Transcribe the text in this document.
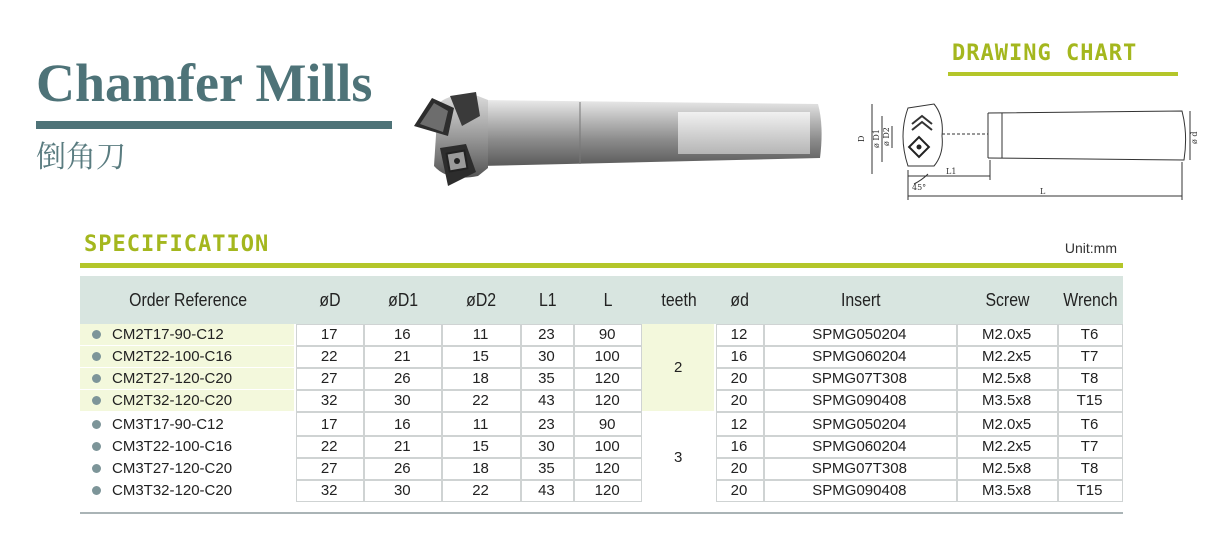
Chamfer Mills
倒角刀
DRAWING CHART
D ø D1 ø D2	ø d
L1
L
45°
SPECIFICATION	Unit:mm
Order Reference	øD	øD1	øD2	L1	L	teeth	ød	Insert	Screw	Wrench
CM2T17-90-C12	17	16	11	23	90	2	12	SPMG050204	M2.0x5	T6
CM2T22-100-C16	22	21	15	30	100		16	SPMG060204	M2.2x5	T7
CM2T27-120-C20	27	26	18	35	120		20	SPMG07T308	M2.5x8	T8
CM2T32-120-C20	32	30	22	43	120		20	SPMG090408	M3.5x8	T15
CM3T17-90-C12	17	16	11	23	90	3	12	SPMG050204	M2.0x5	T6
CM3T22-100-C16	22	21	15	30	100		16	SPMG060204	M2.2x5	T7
CM3T27-120-C20	27	26	18	35	120		20	SPMG07T308	M2.5x8	T8
CM3T32-120-C20	32	30	22	43	120		20	SPMG090408	M3.5x8	T15
